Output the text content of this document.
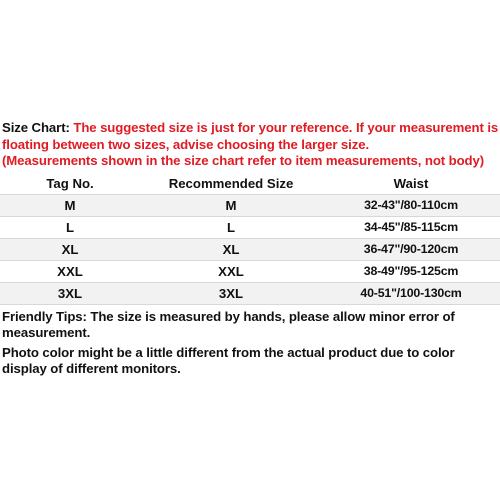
Size Chart: The suggested size is just for your reference. If your measurement is floating between two sizes, advise choosing the larger size.
(Measurements shown in the size chart refer to item measurements, not body)
Tag No.	Recommended Size	Waist
M	M	32-43"/80-110cm
L	L	34-45"/85-115cm
XL	XL	36-47"/90-120cm
XXL	XXL	38-49"/95-125cm
3XL	3XL	40-51"/100-130cm

Friendly Tips: The size is measured by hands, please allow minor error of measurement.

Photo color might be a little different from the actual product due to color display of different monitors.
